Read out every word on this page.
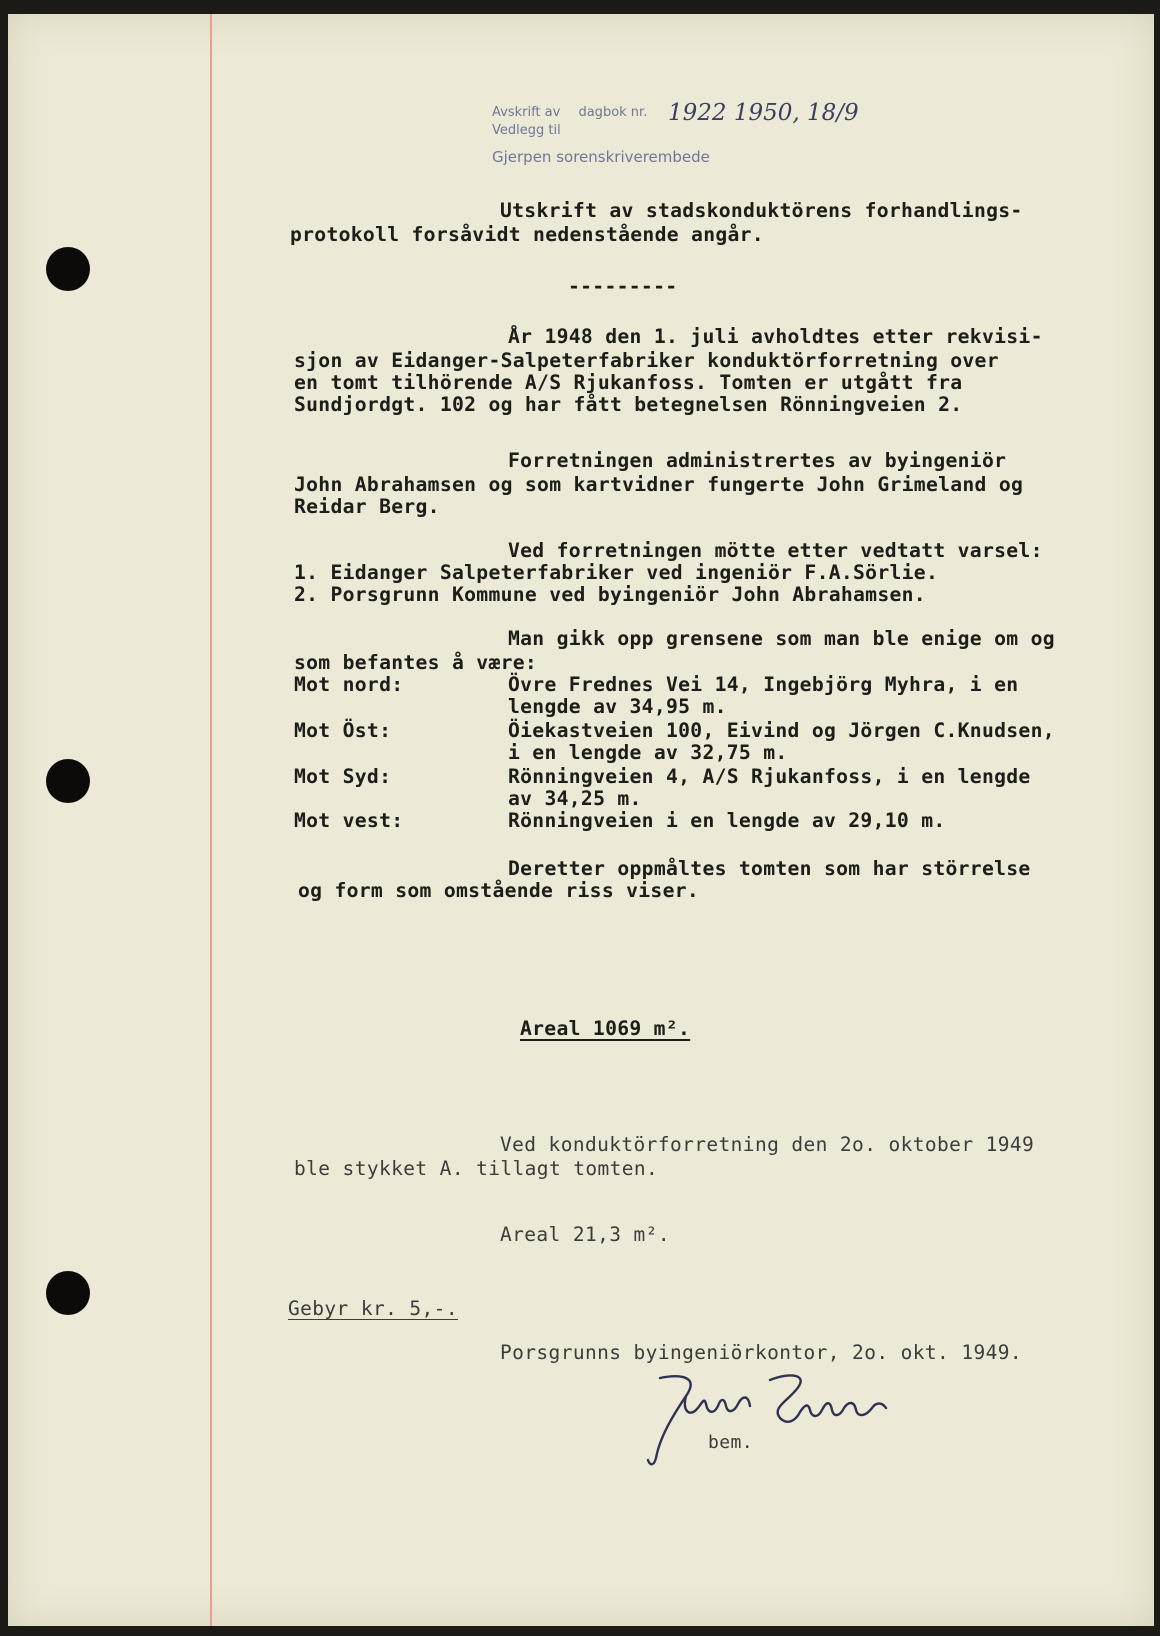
Avskrift av dagbok nr.
Vedlegg til
Gjerpen sorenskriverembede
1922 1950, 18/9

Utskrift av stadskonduktörens forhandlings-

protokoll forsåvidt nedenstående angår.

---------

År 1948 den 1. juli avholdtes etter rekvisi-

sjon av Eidanger-Salpeterfabriker konduktörforretning over

en tomt tilhörende A/S Rjukanfoss. Tomten er utgått fra

Sundjordgt. 102 og har fått betegnelsen Rönningveien 2.

Forretningen administrertes av byingeniör

John Abrahamsen og som kartvidner fungerte John Grimeland og

Reidar Berg.

Ved forretningen mötte etter vedtatt varsel:

1. Eidanger Salpeterfabriker ved ingeniör F.A.Sörlie.

2. Porsgrunn Kommune ved byingeniör John Abrahamsen.

Man gikk opp grensene som man ble enige om og

som befantes å være:

Mot nord:	Övre Frednes Vei 14, Ingebjörg Myhra, i en

lengde av 34,95 m.

Mot Öst:	Öiekastveien 100, Eivind og Jörgen C.Knudsen,

i en lengde av 32,75 m.

Mot Syd:	Rönningveien 4, A/S Rjukanfoss, i en lengde

av 34,25 m.

Mot vest:	Rönningveien i en lengde av 29,10 m.

Deretter oppmåltes tomten som har störrelse

og form som omstående riss viser.

Areal 1069 m².

Ved konduktörforretning den 2o. oktober 1949

ble stykket A. tillagt tomten.

Areal 21,3 m².

Gebyr kr. 5,-.

Porsgrunns byingeniörkontor, 2o. okt. 1949.

bem.
